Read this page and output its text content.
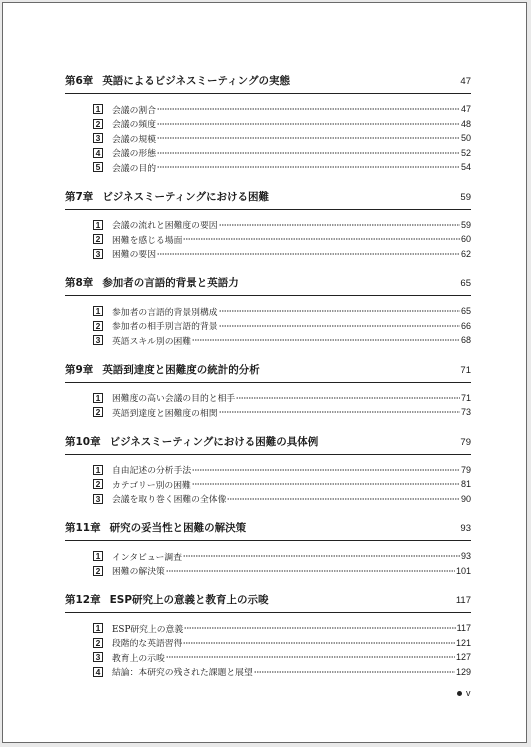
第6章 英語によるビジネスミーティングの実態	47
1	会議の割合	47
2	会議の頻度	48
3	会議の規模	50
4	会議の形態	52
5	会議の目的	54
第7章 ビジネスミーティングにおける困難	59
1	会議の流れと困難度の要因	59
2	困難を感じる場面	60
3	困難の要因	62
第8章 参加者の言語的背景と英語力	65
1	参加者の言語的背景別構成	65
2	参加者の相手別言語的背景	66
3	英語スキル別の困難	68
第9章 英語到達度と困難度の統計的分析	71
1	困難度の高い会議の目的と相手	71
2	英語到達度と困難度の相関	73
第10章 ビジネスミーティングにおける困難の具体例	79
1	自由記述の分析手法	79
2	カテゴリー別の困難	81
3	会議を取り巻く困難の全体像	90
第11章 研究の妥当性と困難の解決策	93
1	インタビュー調査	93
2	困難の解決策	101
第12章 ESP研究上の意義と教育上の示唆	117
1	ESP研究上の意義	117
2	段階的な英語習得	121
3	教育上の示唆	127
4	結論：本研究の残された課題と展望	129
v
